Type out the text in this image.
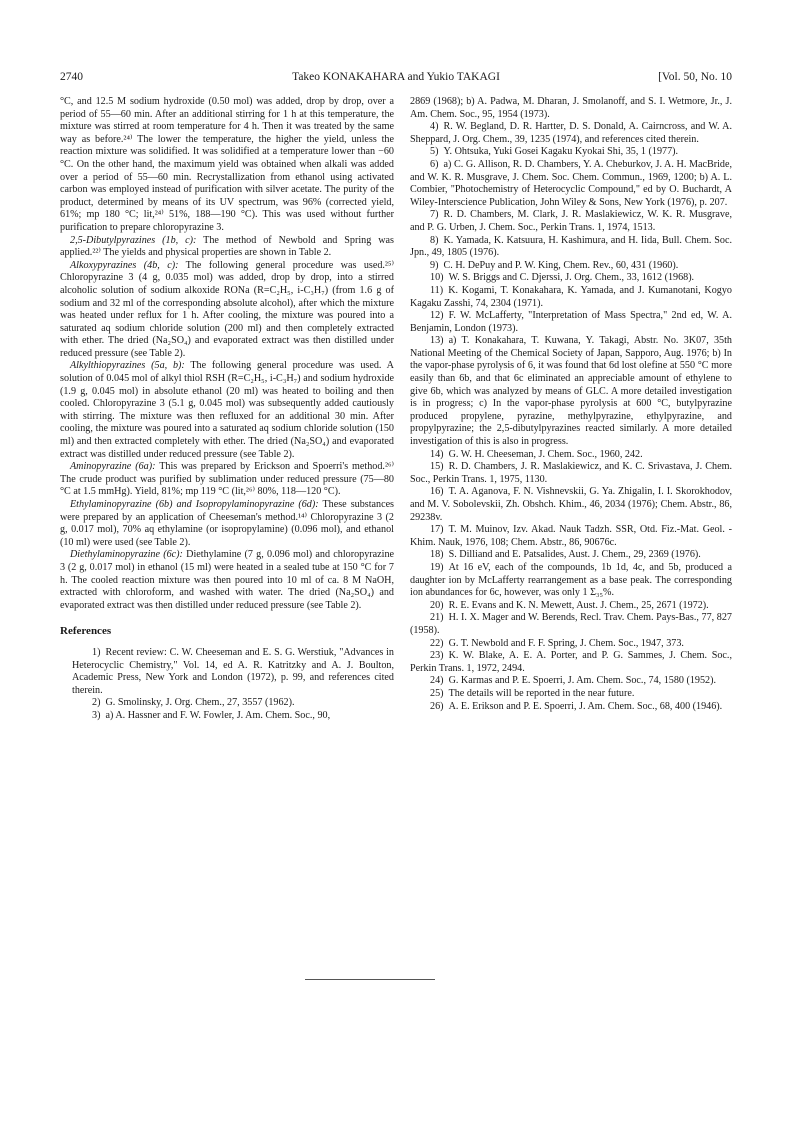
2740	Takeo KONAKAHARA and Yukio TAKAGI	[Vol. 50, No. 10

°C, and 12.5 M sodium hydroxide (0.50 mol) was added, drop by drop, over a period of 55—60 min. After an additional stirring for 1 h at this temperature, the mixture was stirred at room temperature for 4 h. Then it was treated by the same way as before.²⁴⁾ The lower the temperature, the higher the yield, unless the reaction mixture was solidified. It was solidified at a temperature lower than −60 °C. On the other hand, the maximum yield was obtained when alkali was added over a period of 55—60 min. Recrystallization from ethanol using activated carbon was employed instead of purification with silver acetate. The purity of the product, determined by means of its UV spectrum, was 96% (corrected yield, 61%; mp 180 °C; lit,²⁴⁾ 51%, 188—190 °C). This was used without further purification to prepare chloropyrazine 3.

2,5-Dibutylpyrazines (1b, c): The method of Newbold and Spring was applied.²²⁾ The yields and physical properties are shown in Table 2.

Alkoxypyrazines (4b, c): The following general procedure was used.²⁵⁾ Chloropyrazine 3 (4 g, 0.035 mol) was added, drop by drop, into a stirred alcoholic solution of sodium alkoxide RONa (R=C₂H₅, i-C₃H₇) (from 1.6 g of sodium and 32 ml of the corresponding absolute alcohol), after which the mixture was heated under reflux for 1 h. After cooling, the mixture was poured into a saturated aq sodium chloride solution (200 ml) and then completely extracted with ether. The dried (Na₂SO₄) and evaporated extract was then distilled under reduced pressure (see Table 2).

Alkylthiopyrazines (5a, b): The following general procedure was used. A solution of 0.045 mol of alkyl thiol RSH (R=C₂H₅, i-C₃H₇) and sodium hydroxide (1.9 g, 0.045 mol) in absolute ethanol (20 ml) was heated to boiling and then cooled. Chloropyrazine 3 (5.1 g, 0.045 mol) was subsequently added cautiously with stirring. The mixture was then refluxed for an additional 30 min. After cooling, the mixture was poured into a saturated aq sodium chloride solution (150 ml) and then extracted completely with ether. The dried (Na₂SO₄) and evaporated extract was distilled under reduced pressure (see Table 2).

Aminopyrazine (6a): This was prepared by Erickson and Spoerri's method.²⁶⁾ The crude product was purified by sublimation under reduced pressure (75—80 °C at 1.5 mmHg). Yield, 81%; mp 119 °C (lit,²⁶⁾ 80%, 118—120 °C).

Ethylaminopyrazine (6b) and Isopropylaminopyrazine (6d): These substances were prepared by an application of Cheeseman's method.¹⁴⁾ Chloropyrazine 3 (2 g, 0.017 mol), 70% aq ethylamine (or isopropylamine) (0.096 mol), and ethanol (10 ml) were used (see Table 2).

Diethylaminopyrazine (6c): Diethylamine (7 g, 0.096 mol) and chloropyrazine 3 (2 g, 0.017 mol) in ethanol (15 ml) were heated in a sealed tube at 150 °C for 7 h. The cooled reaction mixture was then poured into 10 ml of ca. 8 M NaOH, extracted with chloroform, and washed with water. The dried (Na₂SO₄) and evaporated extract was then distilled under reduced pressure (see Table 2).

References

1)  Recent review: C. W. Cheeseman and E. S. G. Werstiuk, "Advances in Heterocyclic Chemistry," Vol. 14, ed A. R. Katritzky and A. J. Boulton, Academic Press, New York and London (1972), p. 99, and references cited therein.

2)  G. Smolinsky, J. Org. Chem., 27, 3557 (1962).

3)  a) A. Hassner and F. W. Fowler, J. Am. Chem. Soc., 90,

2869 (1968); b) A. Padwa, M. Dharan, J. Smolanoff, and S. I. Wetmore, Jr., J. Am. Chem. Soc., 95, 1954 (1973).

4)  R. W. Begland, D. R. Hartter, D. S. Donald, A. Cairncross, and W. A. Sheppard, J. Org. Chem., 39, 1235 (1974), and references cited therein.

5)  Y. Ohtsuka, Yuki Gosei Kagaku Kyokai Shi, 35, 1 (1977).

6)  a) C. G. Allison, R. D. Chambers, Y. A. Cheburkov, J. A. H. MacBride, and W. K. R. Musgrave, J. Chem. Soc. Chem. Commun., 1969, 1200; b) A. L. Combier, "Photochemistry of Heterocyclic Compound," ed by O. Buchardt, A Wiley-Interscience Publication, John Wiley & Sons, New York (1976), p. 207.

7)  R. D. Chambers, M. Clark, J. R. Maslakiewicz, W. K. R. Musgrave, and P. G. Urben, J. Chem. Soc., Perkin Trans. 1, 1974, 1513.

8)  K. Yamada, K. Katsuura, H. Kashimura, and H. Iida, Bull. Chem. Soc. Jpn., 49, 1805 (1976).

9)  C. H. DePuy and P. W. King, Chem. Rev., 60, 431 (1960).

10)  W. S. Briggs and C. Djerssi, J. Org. Chem., 33, 1612 (1968).

11)  K. Kogami, T. Konakahara, K. Yamada, and J. Kumanotani, Kogyo Kagaku Zasshi, 74, 2304 (1971).

12)  F. W. McLafferty, "Interpretation of Mass Spectra," 2nd ed, W. A. Benjamin, London (1973).

13)  a) T. Konakahara, T. Kuwana, Y. Takagi, Abstr. No. 3K07, 35th National Meeting of the Chemical Society of Japan, Sapporo, Aug. 1976; b) In the vapor-phase pyrolysis of 6, it was found that 6d lost olefine at 550 °C more easily than 6b, and that 6c eliminated an appreciable amount of ethylene to give 6b, which was analyzed by means of GLC. A more detailed investigation is in progress; c) In the vapor-phase pyrolysis at 600 °C, butylpyrazine produced propylene, pyrazine, methylpyrazine, ethylpyrazine, and propylpyrazine; the 2,5-dibutylpyrazines reacted similarly. A more detailed investigation of this is also in progress.

14)  G. W. H. Cheeseman, J. Chem. Soc., 1960, 242.

15)  R. D. Chambers, J. R. Maslakiewicz, and K. C. Srivastava, J. Chem. Soc., Perkin Trans. 1, 1975, 1130.

16)  T. A. Aganova, F. N. Vishnevskii, G. Ya. Zhigalin, I. I. Skorokhodov, and M. V. Sobolevskii, Zh. Obshch. Khim., 46, 2034 (1976); Chem. Abstr., 86, 29238v.

17)  T. M. Muinov, Izv. Akad. Nauk Tadzh. SSR, Otd. Fiz.-Mat. Geol. -Khim. Nauk, 1976, 108; Chem. Abstr., 86, 90676c.

18)  S. Dilliand and E. Patsalides, Aust. J. Chem., 29, 2369 (1976).

19)  At 16 eV, each of the compounds, 1b 1d, 4c, and 5b, produced a daughter ion by McLafferty rearrangement as a base peak. The corresponding ion abundances for 6c, however, was only 1 Σ₃₅%.

20)  R. E. Evans and K. N. Mewett, Aust. J. Chem., 25, 2671 (1972).

21)  H. I. X. Mager and W. Berends, Recl. Trav. Chem. Pays-Bas., 77, 827 (1958).

22)  G. T. Newbold and F. F. Spring, J. Chem. Soc., 1947, 373.

23)  K. W. Blake, A. E. A. Porter, and P. G. Sammes, J. Chem. Soc., Perkin Trans. 1, 1972, 2494.

24)  G. Karmas and P. E. Spoerri, J. Am. Chem. Soc., 74, 1580 (1952).

25)  The details will be reported in the near future.

26)  A. E. Erikson and P. E. Spoerri, J. Am. Chem. Soc., 68, 400 (1946).
